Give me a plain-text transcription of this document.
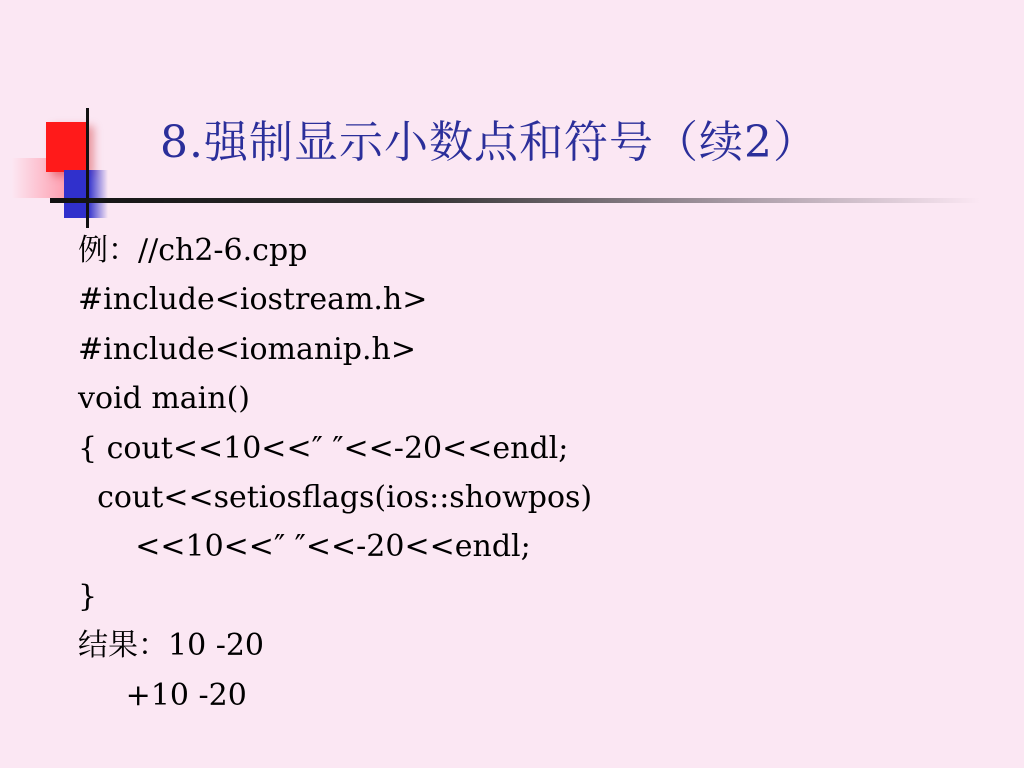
8.强制显示小数点和符号（续2）
例：//ch2-6.cpp
#include<iostream.h>
#include<iomanip.h>
void main()
{ cout<<10<<″ ″<<-20<<endl;
cout<<setiosflags(ios::showpos)
<<10<<″ ″<<-20<<endl;
}
结果：10 -20
+10 -20
